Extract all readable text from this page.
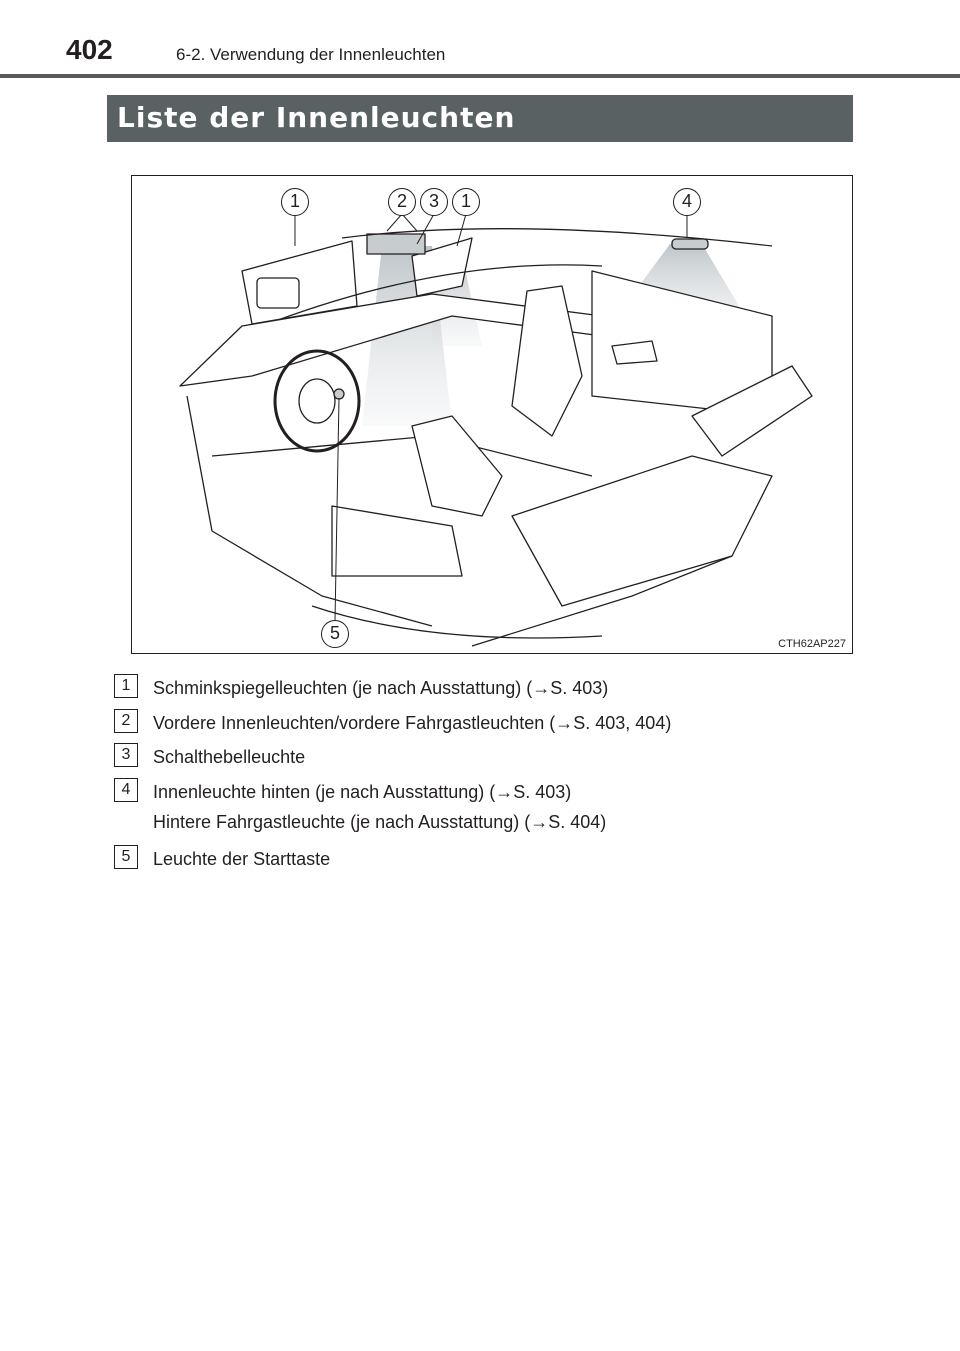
402	6-2. Verwendung der Innenleuchten
Liste der Innenleuchten
1	2	3	1	4
5
CTH62AP227
1	Schminkspiegelleuchten (je nach Ausstattung) (→S. 403)
2	Vordere Innenleuchten/vordere Fahrgastleuchten (→S. 403, 404)
3	Schalthebelleuchte
4	Innenleuchte hinten (je nach Ausstattung) (→S. 403)
Hintere Fahrgastleuchte (je nach Ausstattung) (→S. 404)
5	Leuchte der Starttaste
